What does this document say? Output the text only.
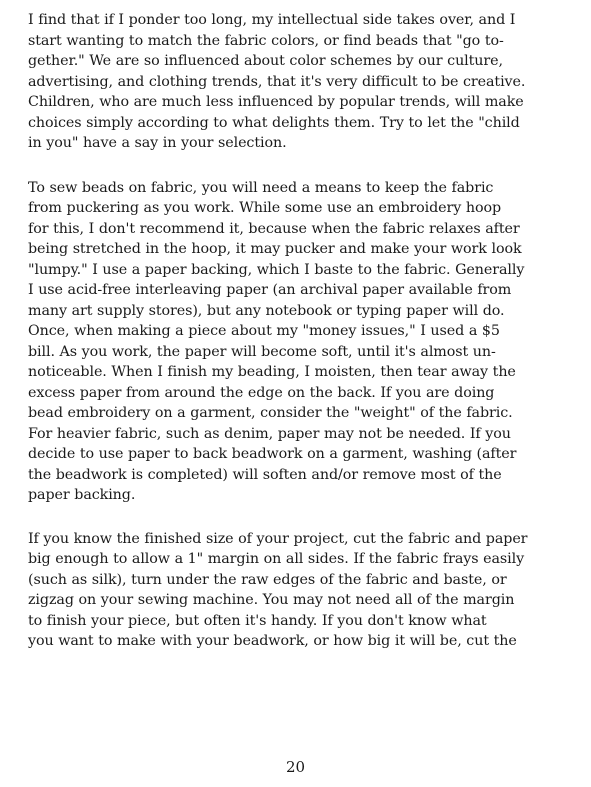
I find that if I ponder too long, my intellectual side takes over, and I
start wanting to match the fabric colors, or find beads that "go to-
gether." We are so influenced about color schemes by our culture,
advertising, and clothing trends, that it's very difficult to be creative.
Children, who are much less influenced by popular trends, will make
choices simply according to what delights them. Try to let the "child
in you" have a say in your selection.
To sew beads on fabric, you will need a means to keep the fabric
from puckering as you work. While some use an embroidery hoop
for this, I don't recommend it, because when the fabric relaxes after
being stretched in the hoop, it may pucker and make your work look
"lumpy." I use a paper backing, which I baste to the fabric. Generally
I use acid-free interleaving paper (an archival paper available from
many art supply stores), but any notebook or typing paper will do.
Once, when making a piece about my "money issues," I used a $5
bill. As you work, the paper will become soft, until it's almost un-
noticeable. When I finish my beading, I moisten, then tear away the
excess paper from around the edge on the back. If you are doing
bead embroidery on a garment, consider the "weight" of the fabric.
For heavier fabric, such as denim, paper may not be needed. If you
decide to use paper to back beadwork on a garment, washing (after
the beadwork is completed) will soften and/or remove most of the
paper backing.
If you know the finished size of your project, cut the fabric and paper
big enough to allow a 1" margin on all sides. If the fabric frays easily
(such as silk), turn under the raw edges of the fabric and baste, or
zigzag on your sewing machine. You may not need all of the margin
to finish your piece, but often it's handy. If you don't know what
you want to make with your beadwork, or how big it will be, cut the
20
